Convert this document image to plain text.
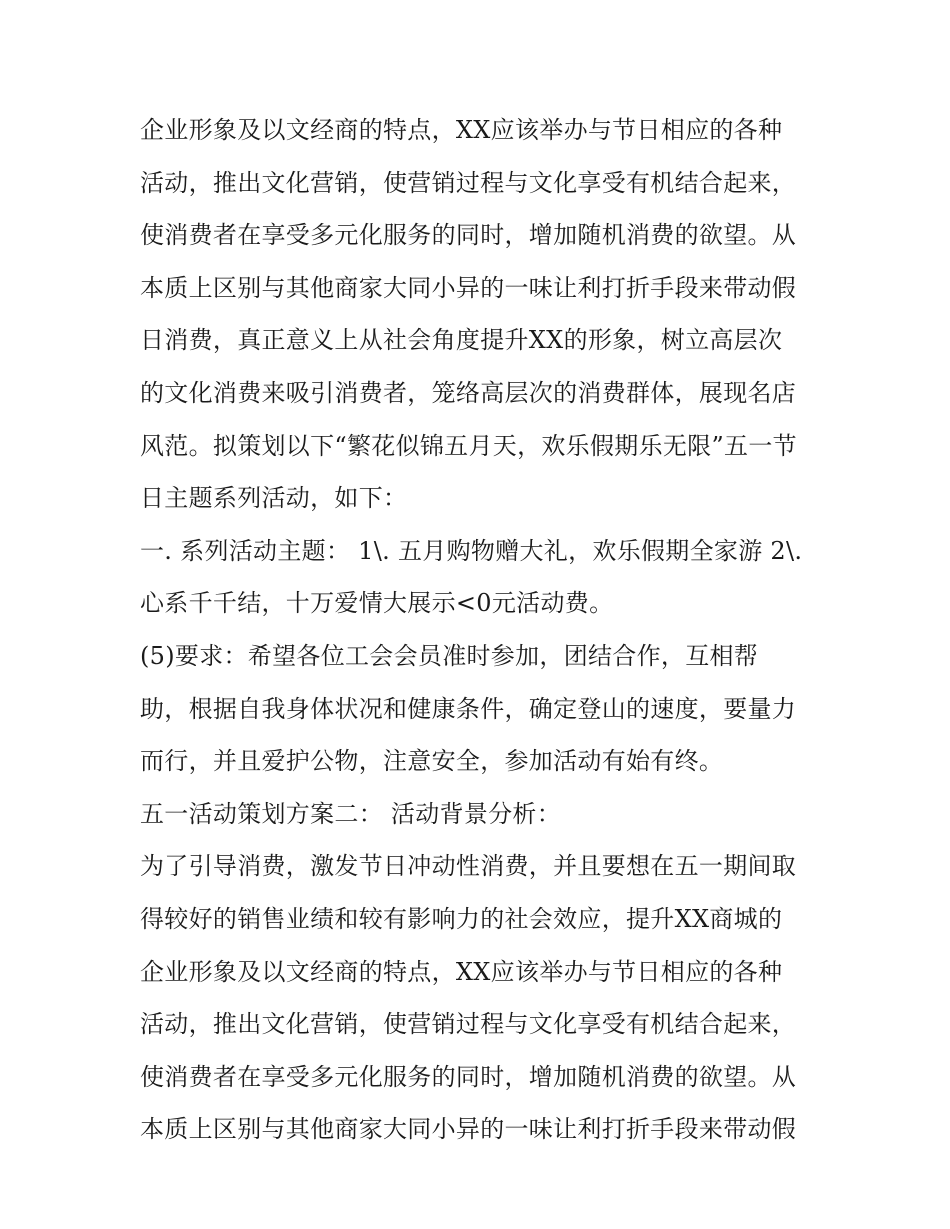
企业形象及以文经商的特点，XX应该举办与节日相应的各种
活动，推出文化营销，使营销过程与文化享受有机结合起来，
使消费者在享受多元化服务的同时，增加随机消费的欲望。从
本质上区别与其他商家大同小异的一味让利打折手段来带动假
日消费，真正意义上从社会角度提升XX的形象，树立高层次
的文化消费来吸引消费者，笼络高层次的消费群体，展现名店
风范。拟策划以下“繁花似锦五月天，欢乐假期乐无限”五一节
日主题系列活动，如下：
一. 系列活动主题： 1\. 五月购物赠大礼，欢乐假期全家游 2\.
心系千千结，十万爱情大展示<0元活动费。
(5)要求：希望各位工会会员准时参加，团结合作，互相帮
助，根据自我身体状况和健康条件，确定登山的速度，要量力
而行，并且爱护公物，注意安全，参加活动有始有终。
五一活动策划方案二： 活动背景分析：
为了引导消费，激发节日冲动性消费，并且要想在五一期间取
得较好的销售业绩和较有影响力的社会效应，提升XX商城的
企业形象及以文经商的特点，XX应该举办与节日相应的各种
活动，推出文化营销，使营销过程与文化享受有机结合起来，
使消费者在享受多元化服务的同时，增加随机消费的欲望。从
本质上区别与其他商家大同小异的一味让利打折手段来带动假
